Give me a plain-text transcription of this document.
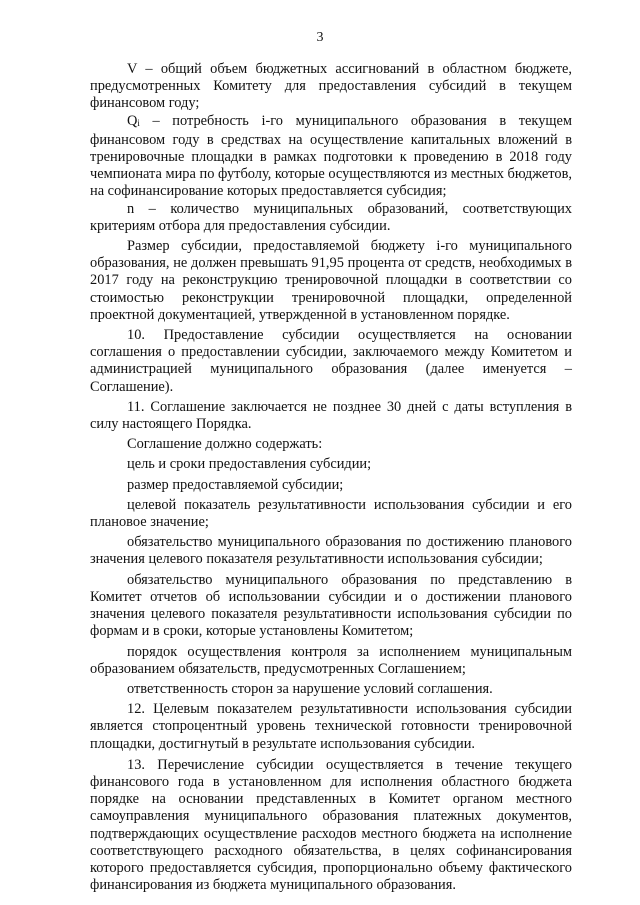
3

V – общий объем бюджетных ассигнований в областном бюджете, предусмотренных Комитету для предоставления субсидий в текущем финансовом году;

Qi – потребность i-го муниципального образования в текущем финансовом году в средствах на осуществление капитальных вложений в тренировочные площадки в рамках подготовки к проведению в 2018 году чемпионата мира по футболу, которые осуществляются из местных бюджетов, на софинансирование которых предоставляется субсидия;

n – количество муниципальных образований, соответствующих критериям отбора для предоставления субсидии.

Размер субсидии, предоставляемой бюджету i-го муниципального образования, не должен превышать 91,95 процента от средств, необходимых в 2017 году на реконструкцию тренировочной площадки в соответствии со стоимостью реконструкции тренировочной площадки, определенной проектной документацией, утвержденной в установленном порядке.

10. Предоставление субсидии осуществляется на основании соглашения о предоставлении субсидии, заключаемого между Комитетом и администрацией муниципального образования (далее именуется – Соглашение).

11. Соглашение заключается не позднее 30 дней с даты вступления в силу настоящего Порядка.

Соглашение должно содержать:

цель и сроки предоставления субсидии;

размер предоставляемой субсидии;

целевой показатель результативности использования субсидии и его плановое значение;

обязательство муниципального образования по достижению планового значения целевого показателя результативности использования субсидии;

обязательство муниципального образования по представлению в Комитет отчетов об использовании субсидии и о достижении планового значения целевого показателя результативности использования субсидии по формам и в сроки, которые установлены Комитетом;

порядок осуществления контроля за исполнением муниципальным образованием обязательств, предусмотренных Соглашением;

ответственность сторон за нарушение условий соглашения.

12. Целевым показателем результативности использования субсидии является стопроцентный уровень технической готовности тренировочной площадки, достигнутый в результате использования субсидии.

13. Перечисление субсидии осуществляется в течение текущего финансового года в установленном для исполнения областного бюджета порядке на основании представленных в Комитет органом местного самоуправления муниципального образования платежных документов, подтверждающих осуществление расходов местного бюджета на исполнение соответствующего расходного обязательства, в целях софинансирования которого предоставляется субсидия, пропорционально объему фактического финансирования из бюджета муниципального образования.
